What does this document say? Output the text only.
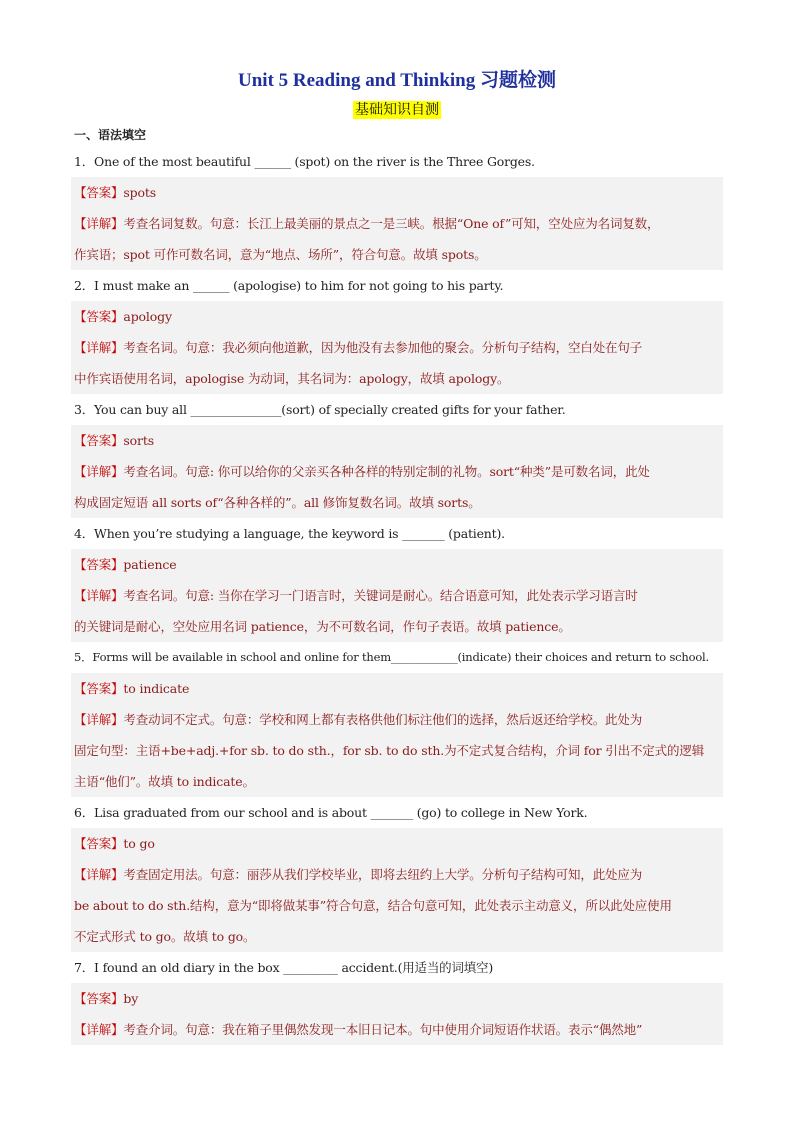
Unit 5 Reading and Thinking 习题检测
基础知识自测
一、语法填空
1．One of the most beautiful ______ (spot) on the river is the Three Gorges.
【答案】spots
【详解】考查名词复数。句意：长江上最美丽的景点之一是三峡。根据“One of”可知，空处应为名词复数，
作宾语；spot 可作可数名词，意为“地点、场所”，符合句意。故填 spots。
2．I must make an ______ (apologise) to him for not going to his party.
【答案】apology
【详解】考查名词。句意：我必须向他道歉，因为他没有去参加他的聚会。分析句子结构，空白处在句子
中作宾语使用名词，apologise 为动词，其名词为：apology，故填 apology。
3．You can buy all _______________(sort) of specially created gifts for your father.
【答案】sorts
【详解】考查名词。句意: 你可以给你的父亲买各种各样的特别定制的礼物。sort“种类”是可数名词，此处
构成固定短语 all sorts of“各种各样的”。all 修饰复数名词。故填 sorts。
4．When you’re studying a language, the keyword is _______ (patient).
【答案】patience
【详解】考查名词。句意: 当你在学习一门语言时，关键词是耐心。结合语意可知，此处表示学习语言时
的关键词是耐心，空处应用名词 patience，为不可数名词，作句子表语。故填 patience。
5．Forms will be available in school and online for them____________(indicate) their choices and return to school.
【答案】to indicate
【详解】考查动词不定式。句意：学校和网上都有表格供他们标注他们的选择，然后返还给学校。此处为
固定句型：主语+be+adj.+for sb. to do sth.，for sb. to do sth.为不定式复合结构，介词 for 引出不定式的逻辑
主语“他们”。故填 to indicate。
6．Lisa graduated from our school and is about _______ (go) to college in New York.
【答案】to go
【详解】考查固定用法。句意：丽莎从我们学校毕业，即将去纽约上大学。分析句子结构可知，此处应为
be about to do sth.结构，意为“即将做某事”符合句意，结合句意可知，此处表示主动意义，所以此处应使用
不定式形式 to go。故填 to go。
7．I found an old diary in the box _________ accident.(用适当的词填空)
【答案】by
【详解】考查介词。句意：我在箱子里偶然发现一本旧日记本。句中使用介词短语作状语。表示“偶然地”
